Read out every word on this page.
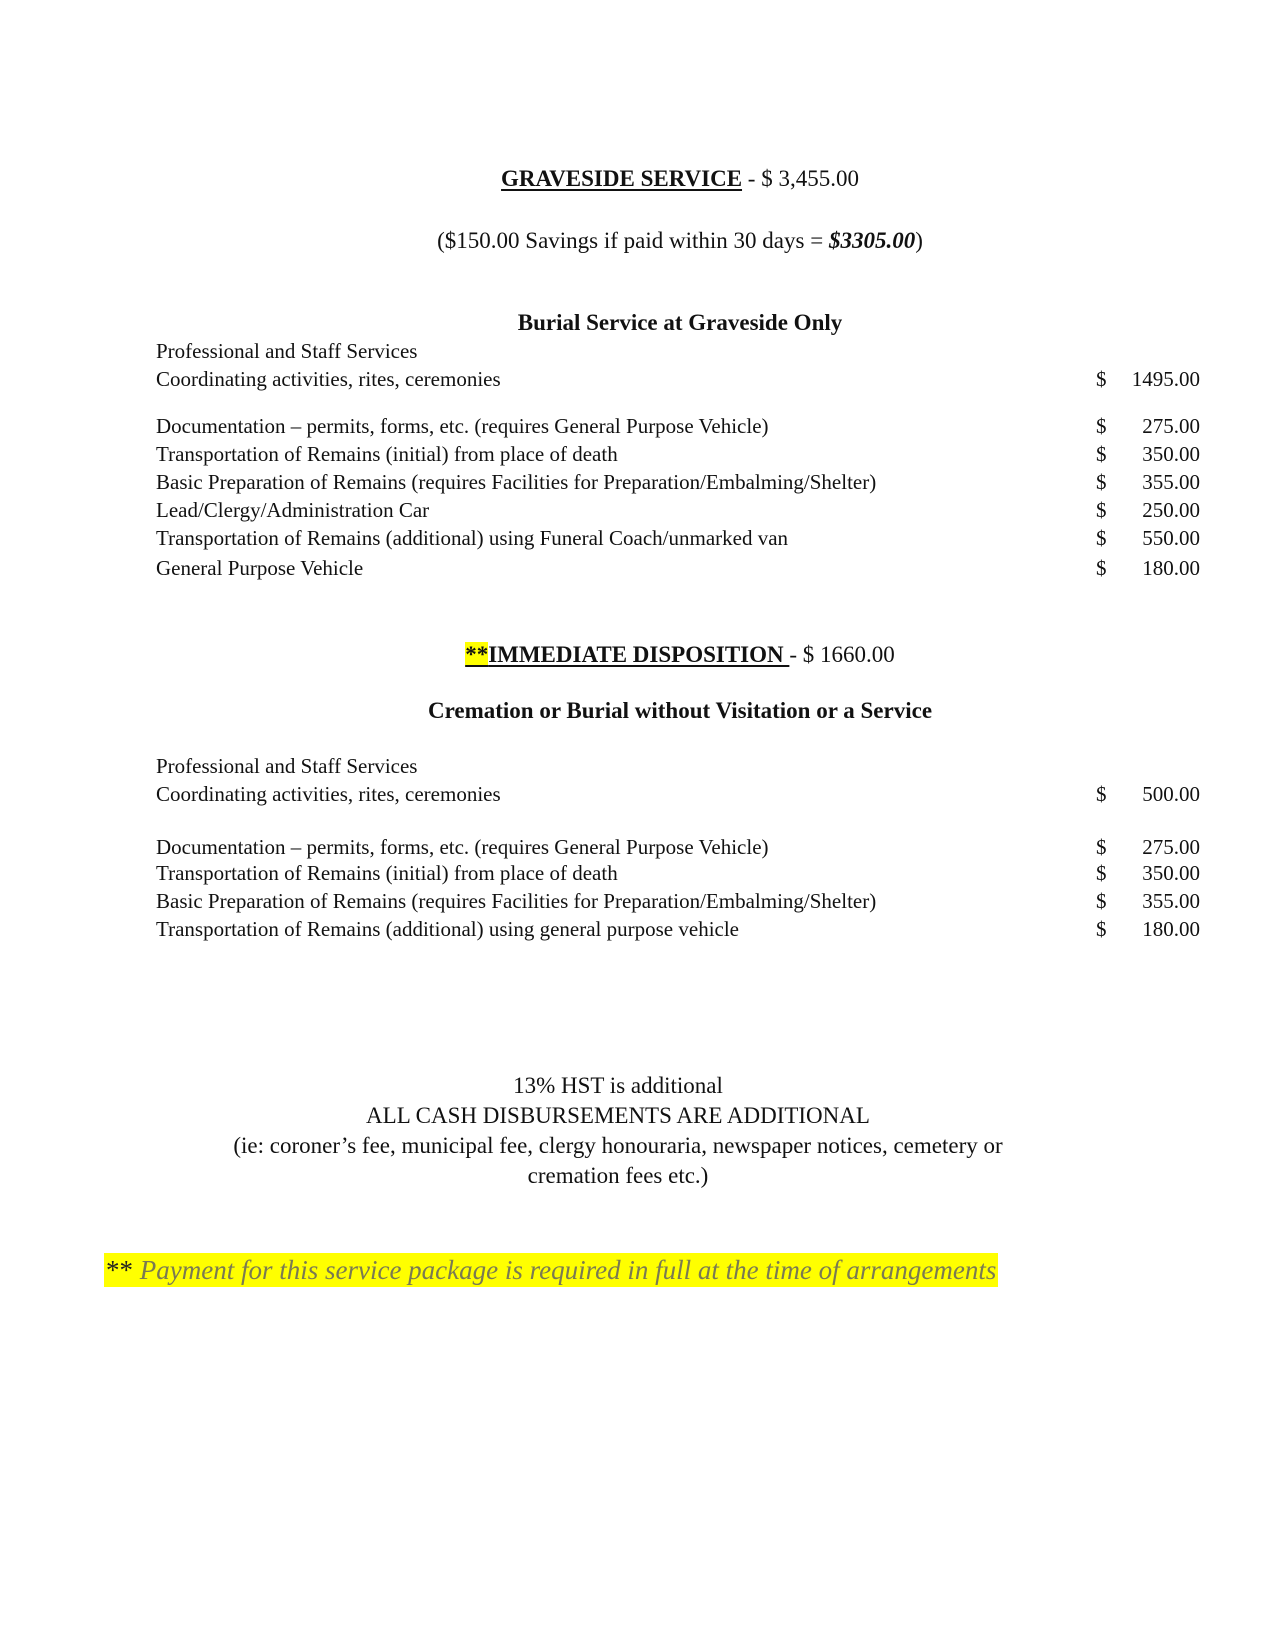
GRAVESIDE SERVICE - $ 3,455.00
($150.00 Savings if paid within 30 days = $3305.00)
Burial Service at Graveside Only
Professional and Staff Services
Coordinating activities, rites, ceremonies	$ 1495.00
Documentation – permits, forms, etc. (requires General Purpose Vehicle)	$ 275.00
Transportation of Remains (initial) from place of death	$ 350.00
Basic Preparation of Remains (requires Facilities for Preparation/Embalming/Shelter)	$ 355.00
Lead/Clergy/Administration Car	$ 250.00
Transportation of Remains (additional) using Funeral Coach/unmarked van	$ 550.00
General Purpose Vehicle	$ 180.00
**IMMEDIATE DISPOSITION - $ 1660.00
Cremation or Burial without Visitation or a Service
Professional and Staff Services
Coordinating activities, rites, ceremonies	$ 500.00
Documentation – permits, forms, etc. (requires General Purpose Vehicle)	$ 275.00
Transportation of Remains (initial) from place of death	$ 350.00
Basic Preparation of Remains (requires Facilities for Preparation/Embalming/Shelter)	$ 355.00
Transportation of Remains (additional) using general purpose vehicle	$ 180.00
13% HST is additional
ALL CASH DISBURSEMENTS ARE ADDITIONAL
(ie: coroner’s fee, municipal fee, clergy honouraria, newspaper notices, cemetery or
cremation fees etc.)
** Payment for this service package is required in full at the time of arrangements
